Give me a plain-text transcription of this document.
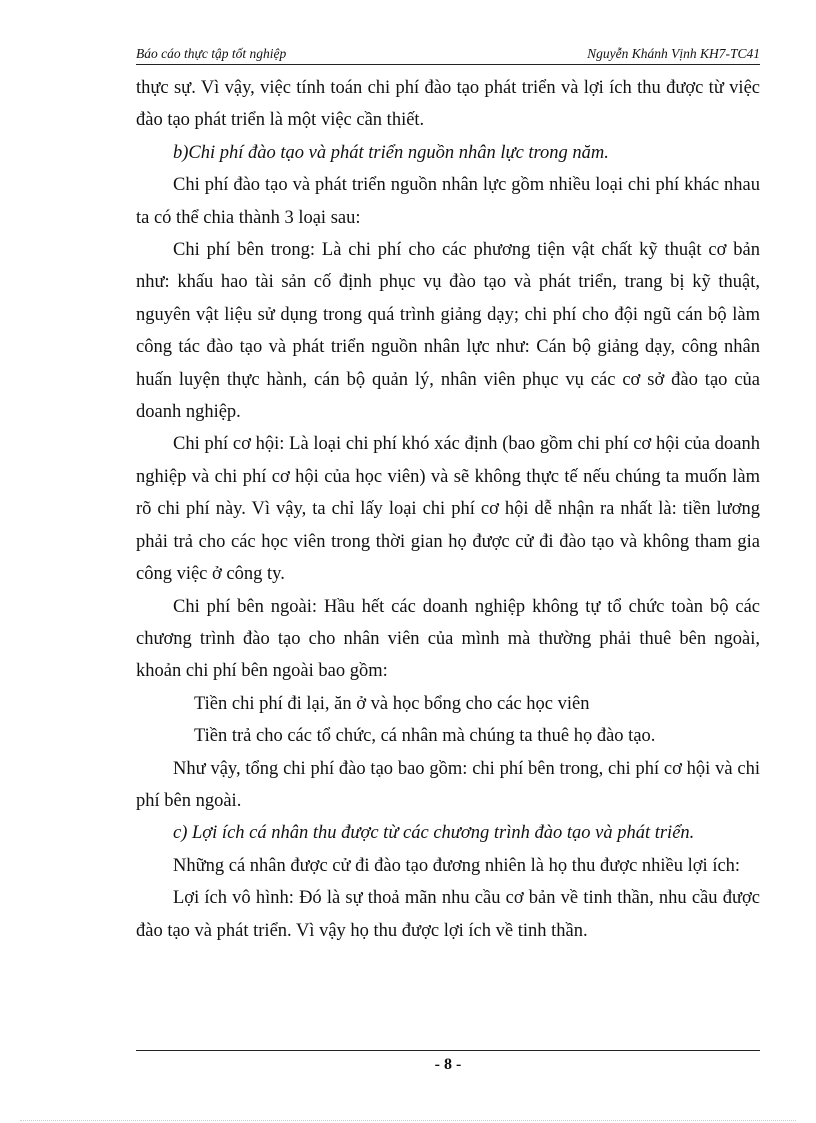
Báo cáo thực tập tốt nghiệp	Nguyễn Khánh Vịnh KH7-TC41

thực sự. Vì vậy, việc tính toán chi phí đào tạo phát triển và lợi ích thu được từ việc đào tạo phát triển là một việc cần thiết.

b)Chi phí đào tạo và phát triển nguồn nhân lực trong năm.

Chi phí đào tạo và phát triển nguồn nhân lực gồm nhiều loại chi phí khác nhau ta có thể chia thành 3 loại sau:

Chi phí bên trong: Là chi phí cho các phương tiện vật chất kỹ thuật cơ bản như: khấu hao tài sản cố định phục vụ đào tạo và phát triển, trang bị kỹ thuật, nguyên vật liệu sử dụng trong quá trình giảng dạy; chi phí cho đội ngũ cán bộ làm công tác đào tạo và phát triển nguồn nhân lực như: Cán bộ giảng dạy, công nhân huấn luyện thực hành, cán bộ quản lý, nhân viên phục vụ các cơ sở đào tạo của doanh nghiệp.

Chi phí cơ hội: Là loại chi phí khó xác định (bao gồm chi phí cơ hội của doanh nghiệp và chi phí cơ hội của học viên) và sẽ không thực tế nếu chúng ta muốn làm rõ chi phí này. Vì vậy, ta chỉ lấy loại chi phí cơ hội dễ nhận ra nhất là: tiền lương phải trả cho các học viên trong thời gian họ được cử đi đào tạo và không tham gia công việc ở công ty.

Chi phí bên ngoài: Hầu hết các doanh nghiệp không tự tổ chức toàn bộ các chương trình đào tạo cho nhân viên của mình mà thường phải thuê bên ngoài, khoản chi phí bên ngoài bao gồm:

Tiền chi phí đi lại, ăn ở và học bổng cho các học viên

Tiền trả cho các tổ chức, cá nhân mà chúng ta thuê họ đào tạo.

Như vậy, tổng chi phí đào tạo bao gồm: chi phí bên trong, chi phí cơ hội và chi phí bên ngoài.

c) Lợi ích cá nhân thu được từ các chương trình đào tạo và phát triển.

Những cá nhân được cử đi đào tạo đương nhiên là họ thu được nhiều lợi ích:

Lợi ích vô hình: Đó là sự thoả mãn nhu cầu cơ bản về tinh thần, nhu cầu được đào tạo và phát triển. Vì vậy họ thu được lợi ích về tinh thần.

- 8 -
